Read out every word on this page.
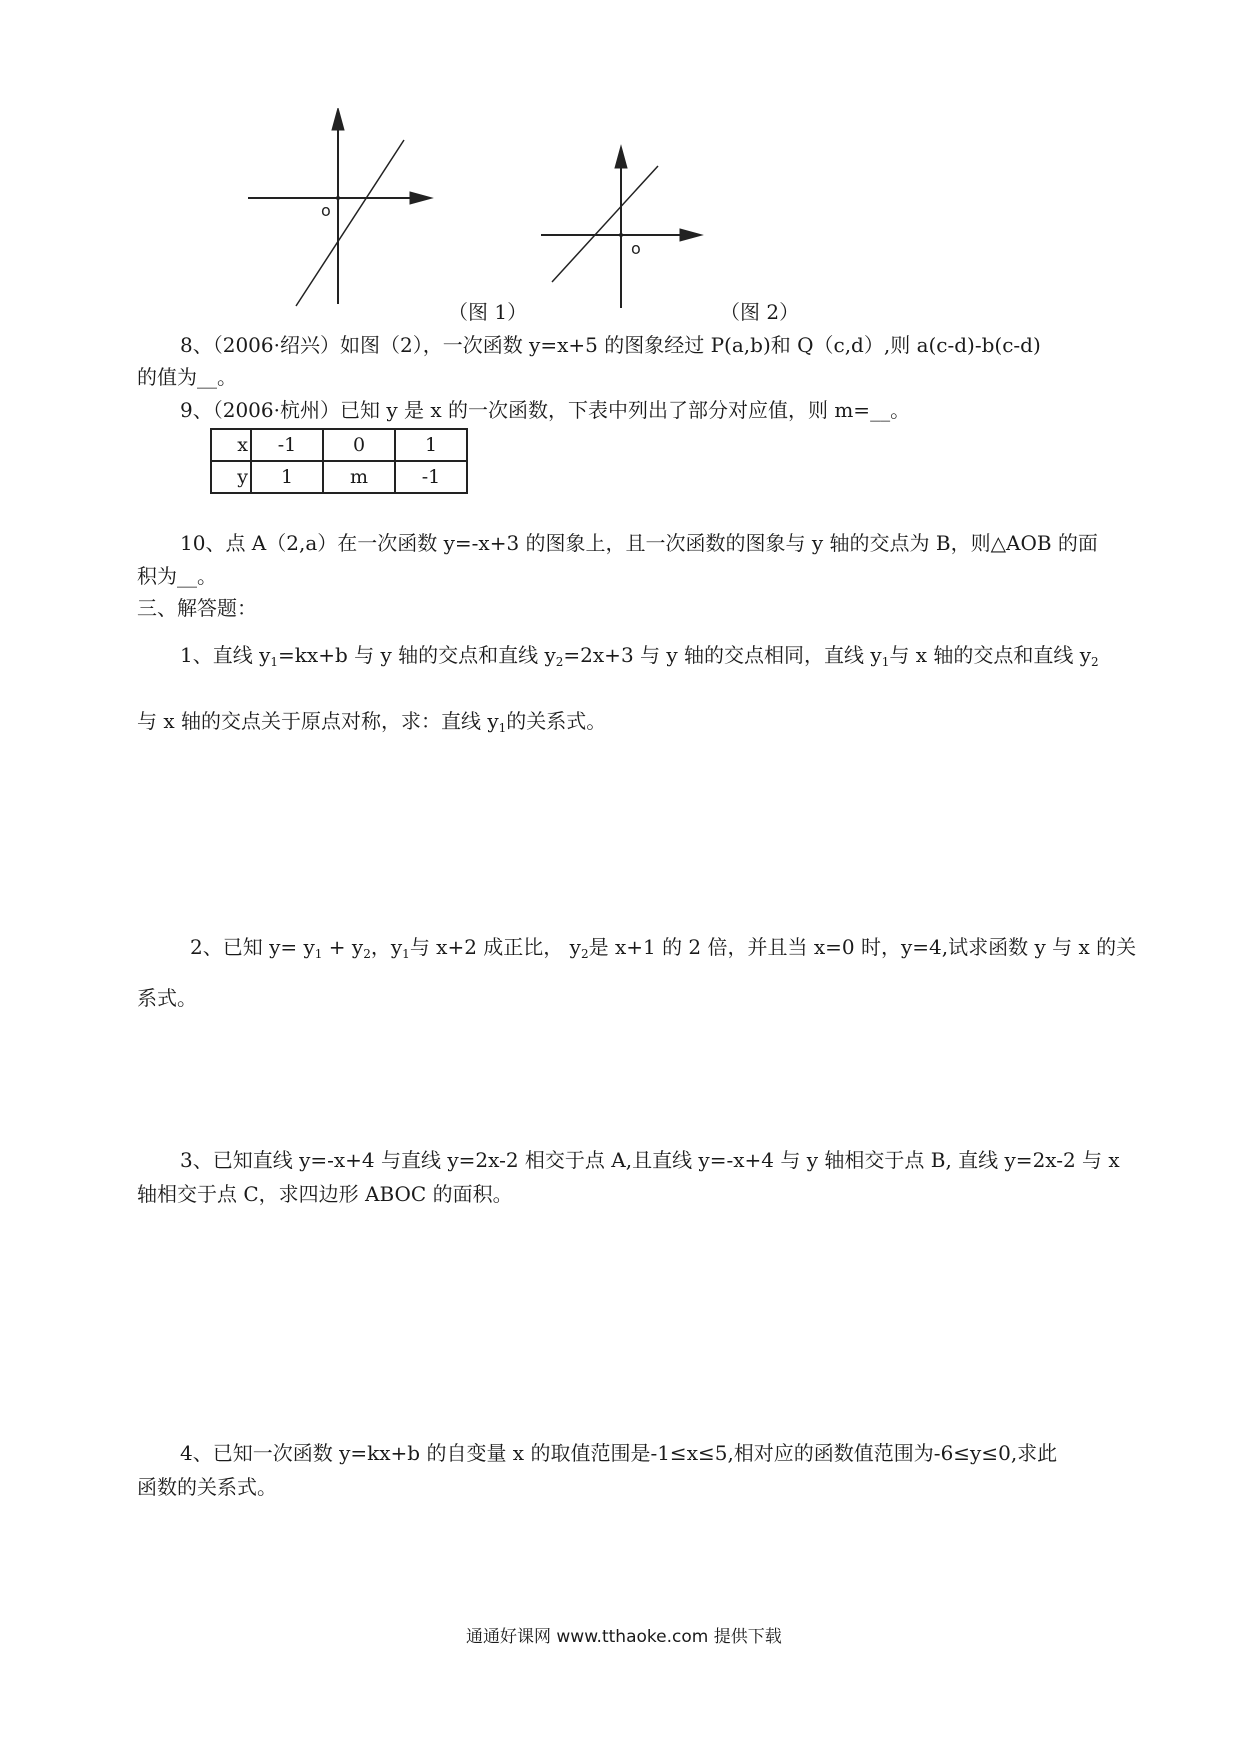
o
（图 1）
o
（图 2）
8、（2006·绍兴）如图（2），一次函数 y=x+5 的图象经过 P(a,b)和 Q（c,d）,则 a(c-d)-b(c-d)
的值为__。
9、（2006·杭州）已知 y 是 x 的一次函数，下表中列出了部分对应值，则 m=__。
x	-1	0	1
y	1	m	-1
10、点 A（2,a）在一次函数 y=-x+3 的图象上，且一次函数的图象与 y 轴的交点为 B，则△AOB 的面
积为__。
三、解答题：
1、直线 $y_1=kx+b$ 与 y 轴的交点和直线 $y_2=2x+3$ 与 y 轴的交点相同，直线 $y_1$与 x 轴的交点和直线 $y_2$
与 x 轴的交点关于原点对称，求：直线 $y_1$的关系式。
2、已知 $y= y_1 + y_2$，$y_1$与 x+2 成正比， $y_2$是 x+1 的 2 倍，并且当 x=0 时，y=4,试求函数 y 与 x 的关
系式。
3、已知直线 y=-x+4 与直线 y=2x-2 相交于点 A,且直线 y=-x+4 与 y 轴相交于点 B, 直线 y=2x-2 与 x
轴相交于点 C，求四边形 ABOC 的面积。
4、已知一次函数 y=kx+b 的自变量 x 的取值范围是-1≤x≤5,相对应的函数值范围为-6≤y≤0,求此
函数的关系式。
通通好课网 www.tthaoke.com 提供下载
